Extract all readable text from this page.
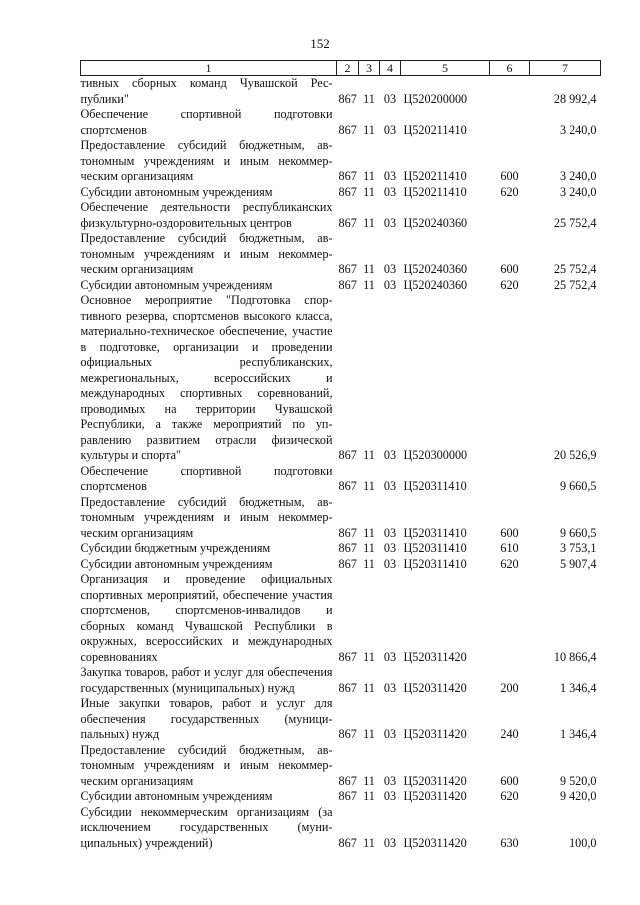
152
1	2	3	4	5	6	7
тивных сборных команд Чувашской Республики"	867	11	03	Ц520200000		28 992,4
Обеспечение спортивной подготовки спортсменов	867	11	03	Ц520211410		3 240,0
Предоставление субсидий бюджетным, автономным учреждениям и иным некоммерческим организациям	867	11	03	Ц520211410	600	3 240,0
Субсидии автономным учреждениям	867	11	03	Ц520211410	620	3 240,0
Обеспечение деятельности республиканских физкультурно-оздоровительных центров	867	11	03	Ц520240360		25 752,4
Предоставление субсидий бюджетным, автономным учреждениям и иным некоммерческим организациям	867	11	03	Ц520240360	600	25 752,4
Субсидии автономным учреждениям	867	11	03	Ц520240360	620	25 752,4
Основное мероприятие "Подготовка спортивного резерва, спортсменов высокого класса, материально-техническое обеспечение, участие в подготовке, организации и проведении официальных республиканских, межрегиональных, всероссийских и международных спортивных соревнований, проводимых на территории Чувашской Республики, а также мероприятий по управлению развитием отрасли физической культуры и спорта"	867	11	03	Ц520300000		20 526,9
Обеспечение спортивной подготовки спортсменов	867	11	03	Ц520311410		9 660,5
Предоставление субсидий бюджетным, автономным учреждениям и иным некоммерческим организациям	867	11	03	Ц520311410	600	9 660,5
Субсидии бюджетным учреждениям	867	11	03	Ц520311410	610	3 753,1
Субсидии автономным учреждениям	867	11	03	Ц520311410	620	5 907,4
Организация и проведение официальных спортивных мероприятий, обеспечение участия спортсменов, спортсменов-инвалидов и сборных команд Чувашской Республики в окружных, всероссийских и международных соревнованиях	867	11	03	Ц520311420		10 866,4
Закупка товаров, работ и услуг для обеспечения государственных (муниципальных) нужд	867	11	03	Ц520311420	200	1 346,4
Иные закупки товаров, работ и услуг для обеспечения государственных (муниципальных) нужд	867	11	03	Ц520311420	240	1 346,4
Предоставление субсидий бюджетным, автономным учреждениям и иным некоммерческим организациям	867	11	03	Ц520311420	600	9 520,0
Субсидии автономным учреждениям	867	11	03	Ц520311420	620	9 420,0
Субсидии некоммерческим организациям (за исключением государственных (муниципальных) учреждений)	867	11	03	Ц520311420	630	100,0
